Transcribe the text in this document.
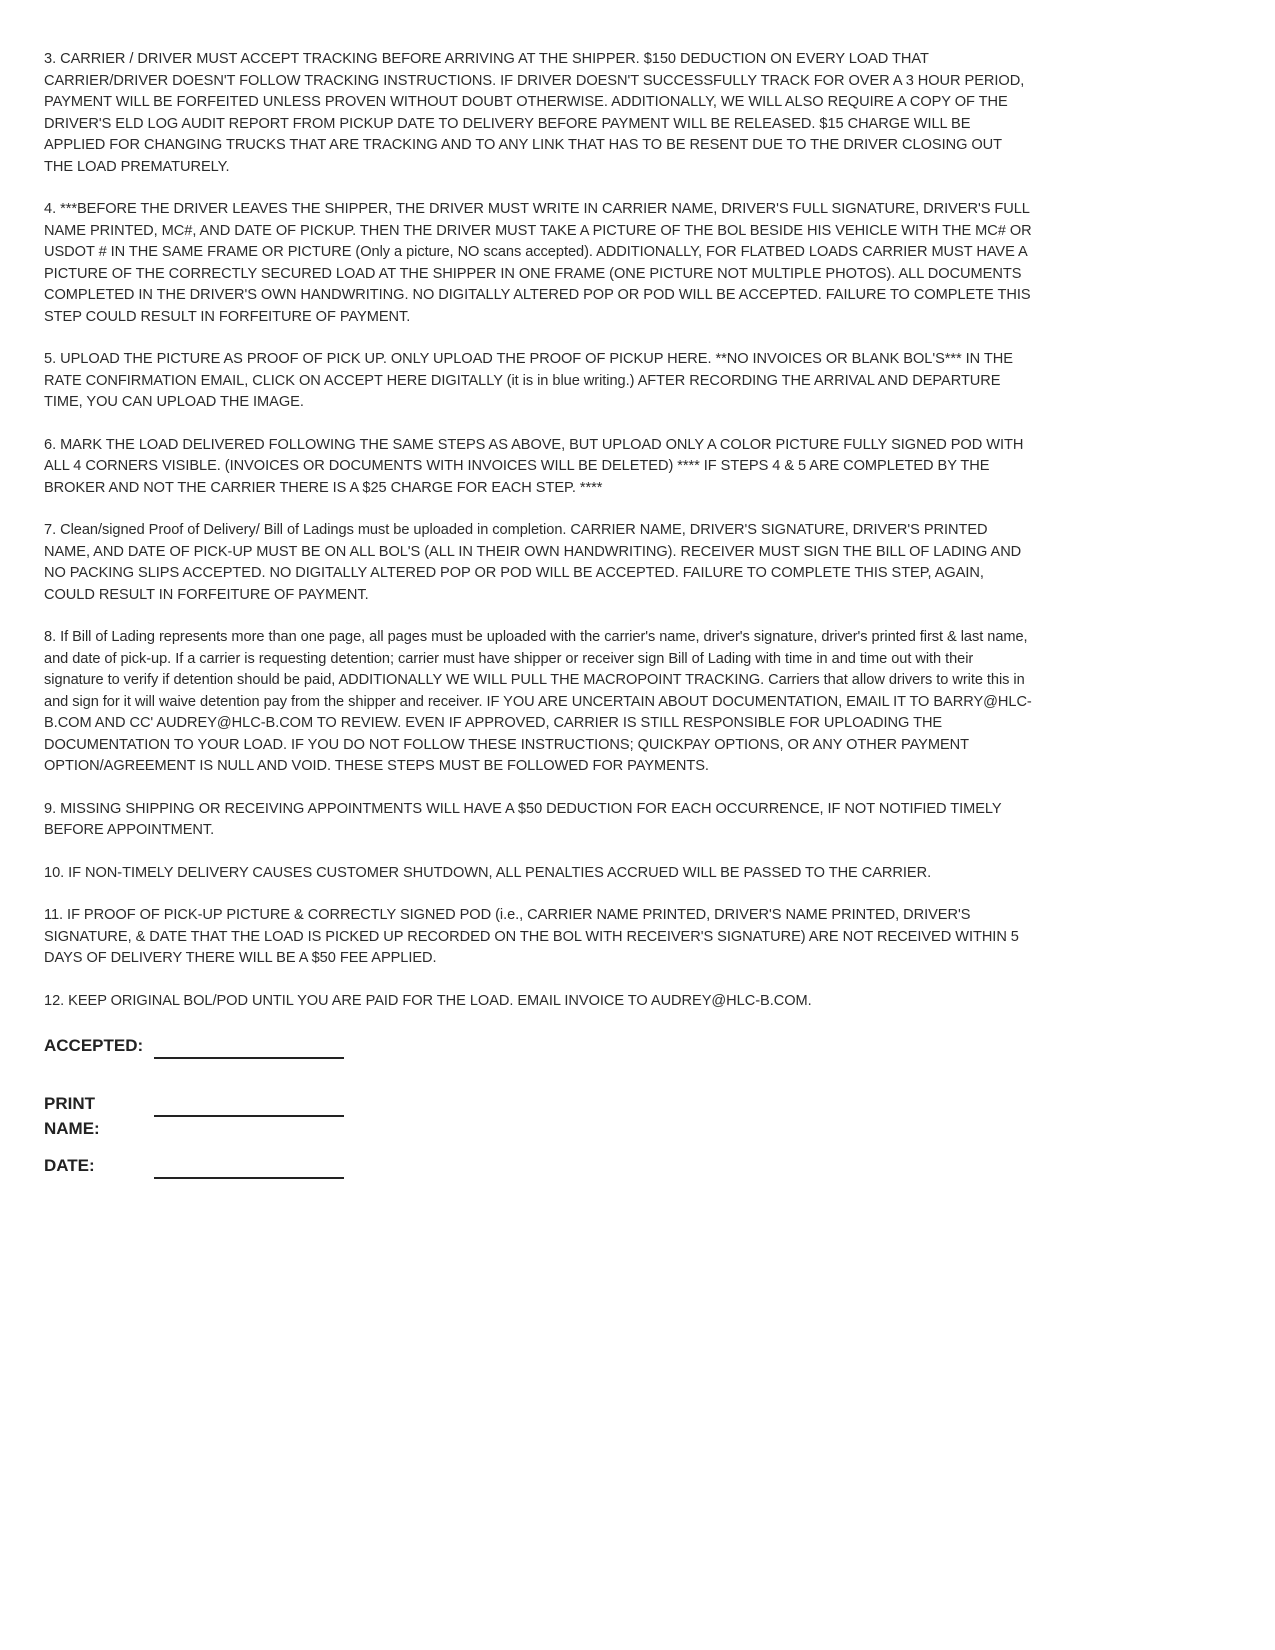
3. CARRIER / DRIVER MUST ACCEPT TRACKING BEFORE ARRIVING AT THE SHIPPER. $150 DEDUCTION ON EVERY LOAD THAT CARRIER/DRIVER DOESN'T FOLLOW TRACKING INSTRUCTIONS. IF DRIVER DOESN'T SUCCESSFULLY TRACK FOR OVER A 3 HOUR PERIOD, PAYMENT WILL BE FORFEITED UNLESS PROVEN WITHOUT DOUBT OTHERWISE. ADDITIONALLY, WE WILL ALSO REQUIRE A COPY OF THE DRIVER'S ELD LOG AUDIT REPORT FROM PICKUP DATE TO DELIVERY BEFORE PAYMENT WILL BE RELEASED. $15 CHARGE WILL BE APPLIED FOR CHANGING TRUCKS THAT ARE TRACKING AND TO ANY LINK THAT HAS TO BE RESENT DUE TO THE DRIVER CLOSING OUT THE LOAD PREMATURELY.

4. ***BEFORE THE DRIVER LEAVES THE SHIPPER, THE DRIVER MUST WRITE IN CARRIER NAME, DRIVER'S FULL SIGNATURE, DRIVER'S FULL NAME PRINTED, MC#, AND DATE OF PICKUP. THEN THE DRIVER MUST TAKE A PICTURE OF THE BOL BESIDE HIS VEHICLE WITH THE MC# OR USDOT # IN THE SAME FRAME OR PICTURE (Only a picture, NO scans accepted). ADDITIONALLY, FOR FLATBED LOADS CARRIER MUST HAVE A PICTURE OF THE CORRECTLY SECURED LOAD AT THE SHIPPER IN ONE FRAME (ONE PICTURE NOT MULTIPLE PHOTOS). ALL DOCUMENTS COMPLETED IN THE DRIVER'S OWN HANDWRITING. NO DIGITALLY ALTERED POP OR POD WILL BE ACCEPTED. FAILURE TO COMPLETE THIS STEP COULD RESULT IN FORFEITURE OF PAYMENT.

5. UPLOAD THE PICTURE AS PROOF OF PICK UP. ONLY UPLOAD THE PROOF OF PICKUP HERE. **NO INVOICES OR BLANK BOL'S*** IN THE RATE CONFIRMATION EMAIL, CLICK ON ACCEPT HERE DIGITALLY (it is in blue writing.) AFTER RECORDING THE ARRIVAL AND DEPARTURE TIME, YOU CAN UPLOAD THE IMAGE.

6. MARK THE LOAD DELIVERED FOLLOWING THE SAME STEPS AS ABOVE, BUT UPLOAD ONLY A COLOR PICTURE FULLY SIGNED POD WITH ALL 4 CORNERS VISIBLE. (INVOICES OR DOCUMENTS WITH INVOICES WILL BE DELETED) **** IF STEPS 4 & 5 ARE COMPLETED BY THE BROKER AND NOT THE CARRIER THERE IS A $25 CHARGE FOR EACH STEP. ****

7. Clean/signed Proof of Delivery/ Bill of Ladings must be uploaded in completion. CARRIER NAME, DRIVER'S SIGNATURE, DRIVER'S PRINTED NAME, AND DATE OF PICK-UP MUST BE ON ALL BOL'S (ALL IN THEIR OWN HANDWRITING). RECEIVER MUST SIGN THE BILL OF LADING AND NO PACKING SLIPS ACCEPTED. NO DIGITALLY ALTERED POP OR POD WILL BE ACCEPTED. FAILURE TO COMPLETE THIS STEP, AGAIN, COULD RESULT IN FORFEITURE OF PAYMENT.

8. If Bill of Lading represents more than one page, all pages must be uploaded with the carrier's name, driver's signature, driver's printed first & last name, and date of pick-up. If a carrier is requesting detention; carrier must have shipper or receiver sign Bill of Lading with time in and time out with their signature to verify if detention should be paid, ADDITIONALLY WE WILL PULL THE MACROPOINT TRACKING. Carriers that allow drivers to write this in and sign for it will waive detention pay from the shipper and receiver. IF YOU ARE UNCERTAIN ABOUT DOCUMENTATION, EMAIL IT TO BARRY@HLC-B.COM AND CC' AUDREY@HLC-B.COM TO REVIEW. EVEN IF APPROVED, CARRIER IS STILL RESPONSIBLE FOR UPLOADING THE DOCUMENTATION TO YOUR LOAD. IF YOU DO NOT FOLLOW THESE INSTRUCTIONS; QUICKPAY OPTIONS, OR ANY OTHER PAYMENT OPTION/AGREEMENT IS NULL AND VOID. THESE STEPS MUST BE FOLLOWED FOR PAYMENTS.

9. MISSING SHIPPING OR RECEIVING APPOINTMENTS WILL HAVE A $50 DEDUCTION FOR EACH OCCURRENCE, IF NOT NOTIFIED TIMELY BEFORE APPOINTMENT.

10. IF NON-TIMELY DELIVERY CAUSES CUSTOMER SHUTDOWN, ALL PENALTIES ACCRUED WILL BE PASSED TO THE CARRIER.

11. IF PROOF OF PICK-UP PICTURE & CORRECTLY SIGNED POD (i.e., CARRIER NAME PRINTED, DRIVER'S NAME PRINTED, DRIVER'S SIGNATURE, & DATE THAT THE LOAD IS PICKED UP RECORDED ON THE BOL WITH RECEIVER'S SIGNATURE) ARE NOT RECEIVED WITHIN 5 DAYS OF DELIVERY THERE WILL BE A $50 FEE APPLIED.

12. KEEP ORIGINAL BOL/POD UNTIL YOU ARE PAID FOR THE LOAD. EMAIL INVOICE TO AUDREY@HLC-B.COM.

ACCEPTED:
PRINT
NAME:
DATE:
